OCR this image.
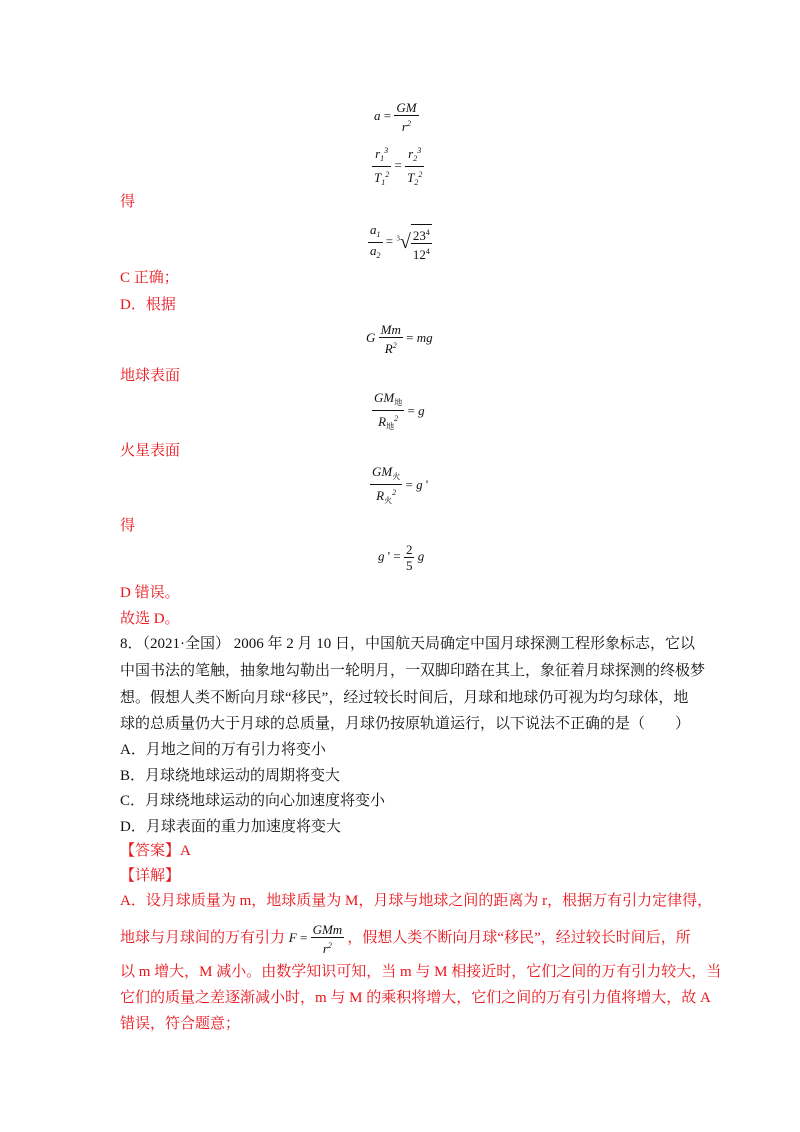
$a = \frac{GM}{r^2}$
$\frac{r_1^3}{T_1^2} = \frac{r_2^3}{T_2^2}$
得
$\frac{a_1}{a_2} = ^3√ \frac{23^4}{12^4}$
C 正确；
D．根据
G $\frac{Mm}{R^2}$ = mg
地球表面
$\frac{GM_地}{R_地^2} = g$
火星表面
$\frac{GM_火}{R_火^2} = g$ '
得
g ' = $\frac{2}{5}$ g
D 错误。
故选 D。
8．（2021·全国） 2006 年 2 月 10 日，中国航天局确定中国月球探测工程形象标志，它以
中国书法的笔触，抽象地勾勒出一轮明月，一双脚印踏在其上，象征着月球探测的终极梦
想。假想人类不断向月球“移民”，经过较长时间后，月球和地球仍可视为均匀球体，地
球的总质量仍大于月球的总质量，月球仍按原轨道运行，以下说法不正确的是（　　）
A．月地之间的万有引力将变小
B．月球绕地球运动的周期将变大
C．月球绕地球运动的向心加速度将变小
D．月球表面的重力加速度将变大
【答案】A
【详解】
A．设月球质量为 m，地球质量为 M，月球与地球之间的距离为 r，根据万有引力定律得，
地球与月球间的万有引力 $F = \frac{\text{GMm}}{r^2}$ ，假想人类不断向月球“移民”，经过较长时间后，所
以 m 增大，M 减小。由数学知识可知，当 m 与 M 相接近时，它们之间的万有引力较大，当
它们的质量之差逐渐减小时，m 与 M 的乘积将增大，它们之间的万有引力值将增大，故 A
错误，符合题意；
